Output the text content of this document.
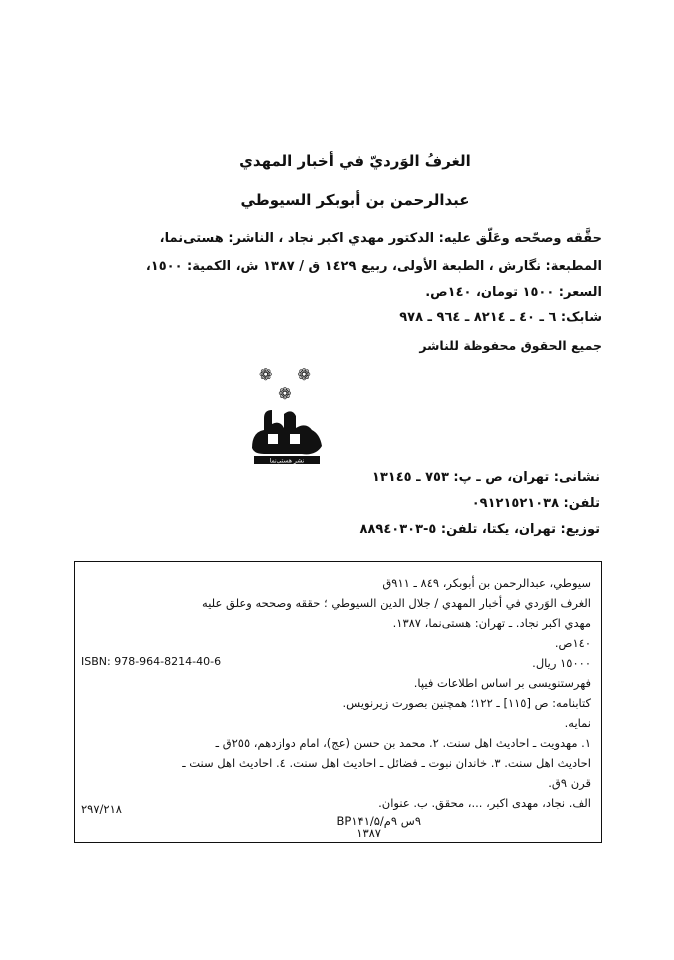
الغرفُ الوَرديّ في أخبار المهدي
عبدالرحمن بن أبوبكر السيوطي
حقَّقه وصحّحه وعَلّق عليه: الدكتور مهدي اكبر نجاد ، الناشر: هستى‌نما،
المطبعة: نگارش ، الطبعة الأولى، ربيع ١٤٢٩ ق / ١٣٨٧ ش، الكمية: ١٥٠٠،
السعر: ١٥٠٠ تومان، ١٤٠ص.
شابک: ٦ ـ ٤٠ ـ ٨٢١٤ ـ ٩٦٤ ـ ٩٧٨
جميع الحقوق محفوظة للناشر
❁ ❁ ❁
نشر هستی‌نما
نشانی: تهران، ص ـ پ: ٧٥٣ ـ ١٣١٤٥
تلفن: ٠٩١٢١٥٢١٠٣٨
توزیع: تهران، یکتا، تلفن: ٥-٨٨٩٤٠٣٠٣
سيوطي، عبدالرحمن بن أبوبكر، ٨٤٩ ـ ٩١١ق
الغرف الوَردي في أخبار المهدي / جلال الدين السيوطي ؛ حققه وصححه وعلق عليه
مهدي اكبر نجاد. ـ تهران: هستى‌نما، ١٣٨٧.
١٤٠ص.
ISBN: 978-964-8214-40-6	١٥٠٠٠ ريال.
فهرستنويسى بر اساس اطلاعات فيپا.
كتابنامه: ص [١١٥] ـ ١٢٢؛ همچنين بصورت زيرنويس.
نمايه.
١. مهدويت ـ احاديث اهل سنت. ٢. محمد بن حسن (عج)، امام دوازدهم، ٢٥٥ق ـ
احاديث اهل سنت. ٣. خاندان نبوت ـ فضائل ـ احاديث اهل سنت. ٤. احاديث اهل سنت ـ
قرن ٩ق.
الف. نجاد، مهدى اكبر، ...، محقق. ب. عنوان.
٩س ٩م/BP۱۴۱/۵
٢٩٧/٢١٨
١٣٨٧
